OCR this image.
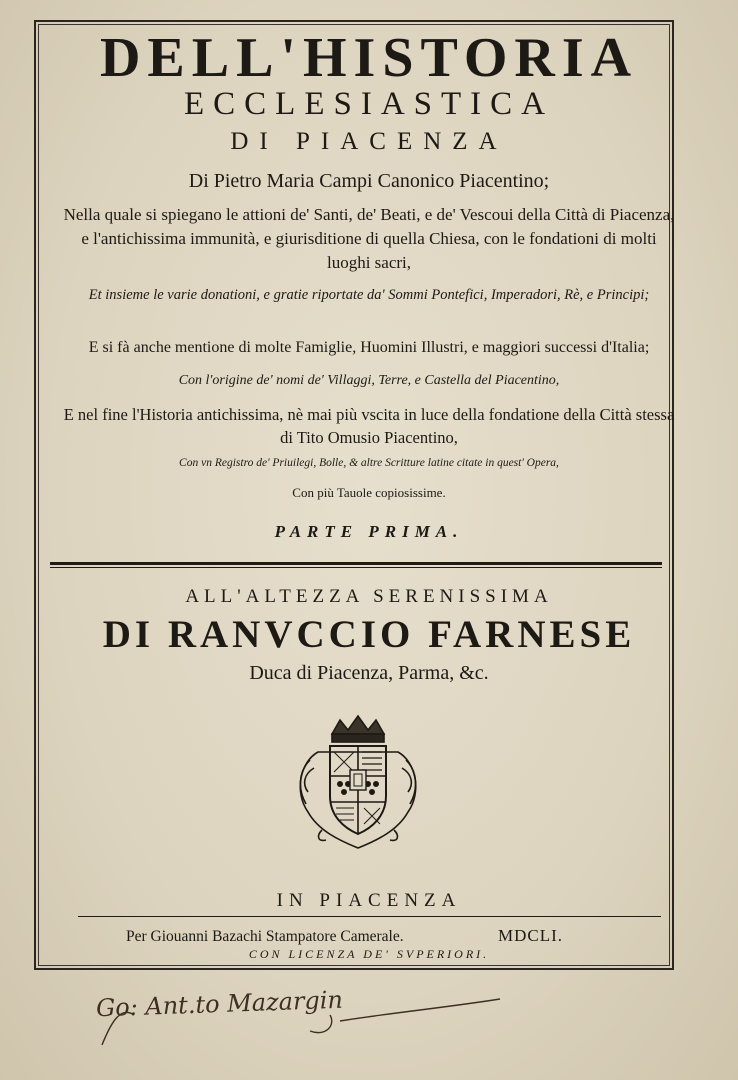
DELL'HISTORIA
ECCLESIASTICA
DI PIACENZA
Di Pietro Maria Campi Canonico Piacentino;
Nella quale si spiegano le attioni de' Santi, de' Beati, e de' Vescoui della Città di Piacenza, e l'antichissima immunità, e giurisditione di quella Chiesa, con le fondationi di molti luoghi sacri,
Et insieme le varie donationi, e gratie riportate da' Sommi Pontefici, Imperadori, Rè, e Principi;
E si fà anche mentione di molte Famiglie, Huomini Illustri, e maggiori successi d'Italia;
Con l'origine de' nomi de' Villaggi, Terre, e Castella del Piacentino,
E nel fine l'Historia antichissima, nè mai più vscita in luce della fondatione della Città stessa di Tito Omusio Piacentino,
Con vn Registro de' Priuilegi, Bolle, & altre Scritture latine citate in quest' Opera,
Con più Tauole copiosissime.
PARTE PRIMA.
ALL'ALTEZZA SERENISSIMA
DI RANVCCIO FARNESE
Duca di Piacenza, Parma, &c.
IN PIACENZA
Per Giouanni Bazachi Stampatore Camerale.	MDCLI.
CON LICENZA DE' SVPERIORI.
Go: Ant.to Mazargin
